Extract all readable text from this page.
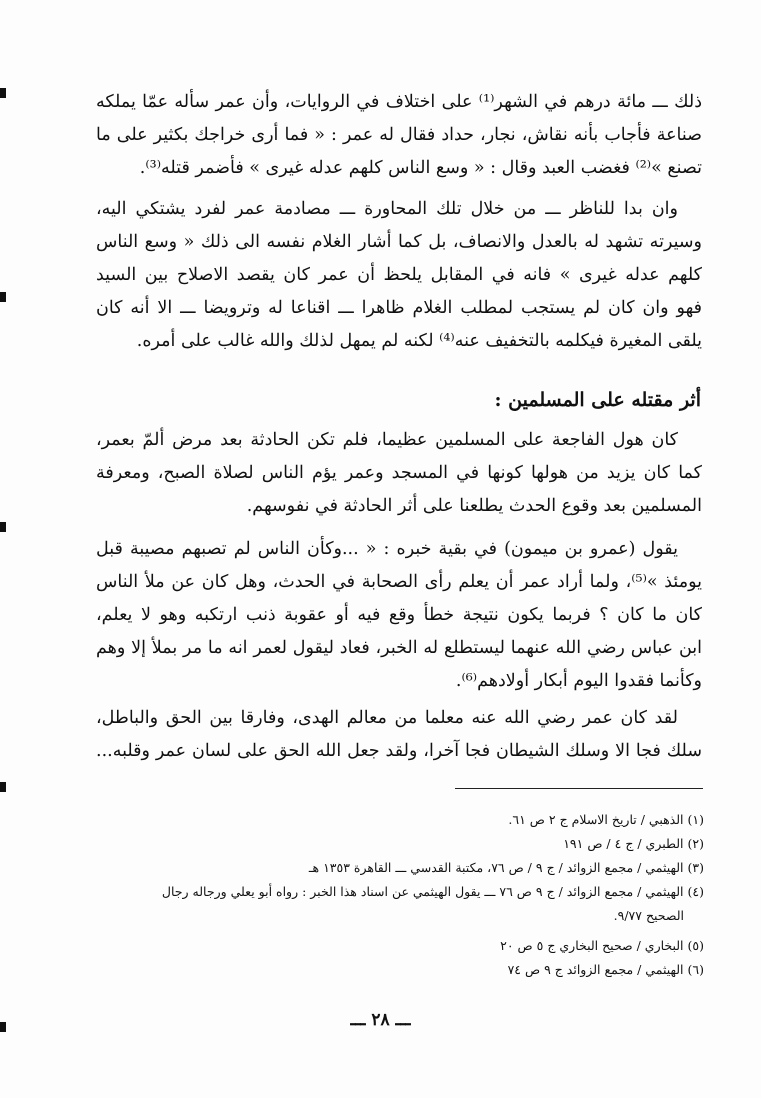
ذلك ـــ مائة درهم في الشهر⁽¹⁾ على اختلاف في الروايات، وأن عمر سأله عمّا يملكه
صناعة فأجاب بأنه نقاش، نجار، حداد فقال له عمر : « فما أرى خراجك بكثير على ما
تصنع »⁽²⁾ فغضب العبد وقال : « وسع الناس كلهم عدله غيرى » فأضمر قتله⁽³⁾.
وان بدا للناظر ـــ من خلال تلك المحاورة ـــ مصادمة عمر لفرد يشتكي اليه،
وسيرته تشهد له بالعدل والانصاف، بل كما أشار الغلام نفسه الى ذلك « وسع الناس
كلهم عدله غيرى » فانه في المقابل يلحظ أن عمر كان يقصد الاصلاح بين السيد
فهو وان كان لم يستجب لمطلب الغلام ظاهرا ـــ اقناعا له وترويضا ـــ الا أنه كان
يلقى المغيرة فيكلمه بالتخفيف عنه⁽⁴⁾ لكنه لم يمهل لذلك والله غالب على أمره.
أثر مقتله على المسلمين :
كان هول الفاجعة على المسلمين عظيما، فلم تكن الحادثة بعد مرض ألمّ بعمر،
كما كان يزيد من هولها كونها في المسجد وعمر يؤم الناس لصلاة الصبح، ومعرفة
المسلمين بعد وقوع الحدث يطلعنا على أثر الحادثة في نفوسهم.
يقول (عمرو بن ميمون) في بقية خبره : « ...وكأن الناس لم تصبهم مصيبة قبل
يومئذ »⁽⁵⁾، ولما أراد عمر أن يعلم رأى الصحابة في الحدث، وهل كان عن ملأ الناس
كان ما كان ؟ فربما يكون نتيجة خطأ وقع فيه أو عقوبة ذنب ارتكبه وهو لا يعلم،
ابن عباس رضي الله عنهما ليستطلع له الخبر، فعاد ليقول لعمر انه ما مر بملأ إلا وهم
وكأنما فقدوا اليوم أبكار أولادهم⁽⁶⁾.
لقد كان عمر رضي الله عنه معلما من معالم الهدى، وفارقا بين الحق والباطل،
سلك فجا الا وسلك الشيطان فجا آخرا، ولقد جعل الله الحق على لسان عمر وقلبه...
(١) الذهبي / تاريخ الاسلام ج ٢ ص ٦١.
(٢) الطبري / ج ٤ / ص ١٩١
(٣) الهيثمي / مجمع الزوائد / ج ٩ / ص ٧٦، مكتبة القدسي ـــ القاهرة ١٣٥٣ هـ
(٤) الهيثمي / مجمع الزوائد / ج ٩ ص ٧٦ ـــ يقول الهيثمي عن اسناد هذا الخبر : رواه أبو يعلي ورجاله رجال
الصحيح ٩/٧٧.
(٥) البخاري / صحيح البخاري ج ٥ ص ٢٠
(٦) الهيثمي / مجمع الزوائد ج ٩ ص ٧٤
ـــ ٢٨ ـــ
